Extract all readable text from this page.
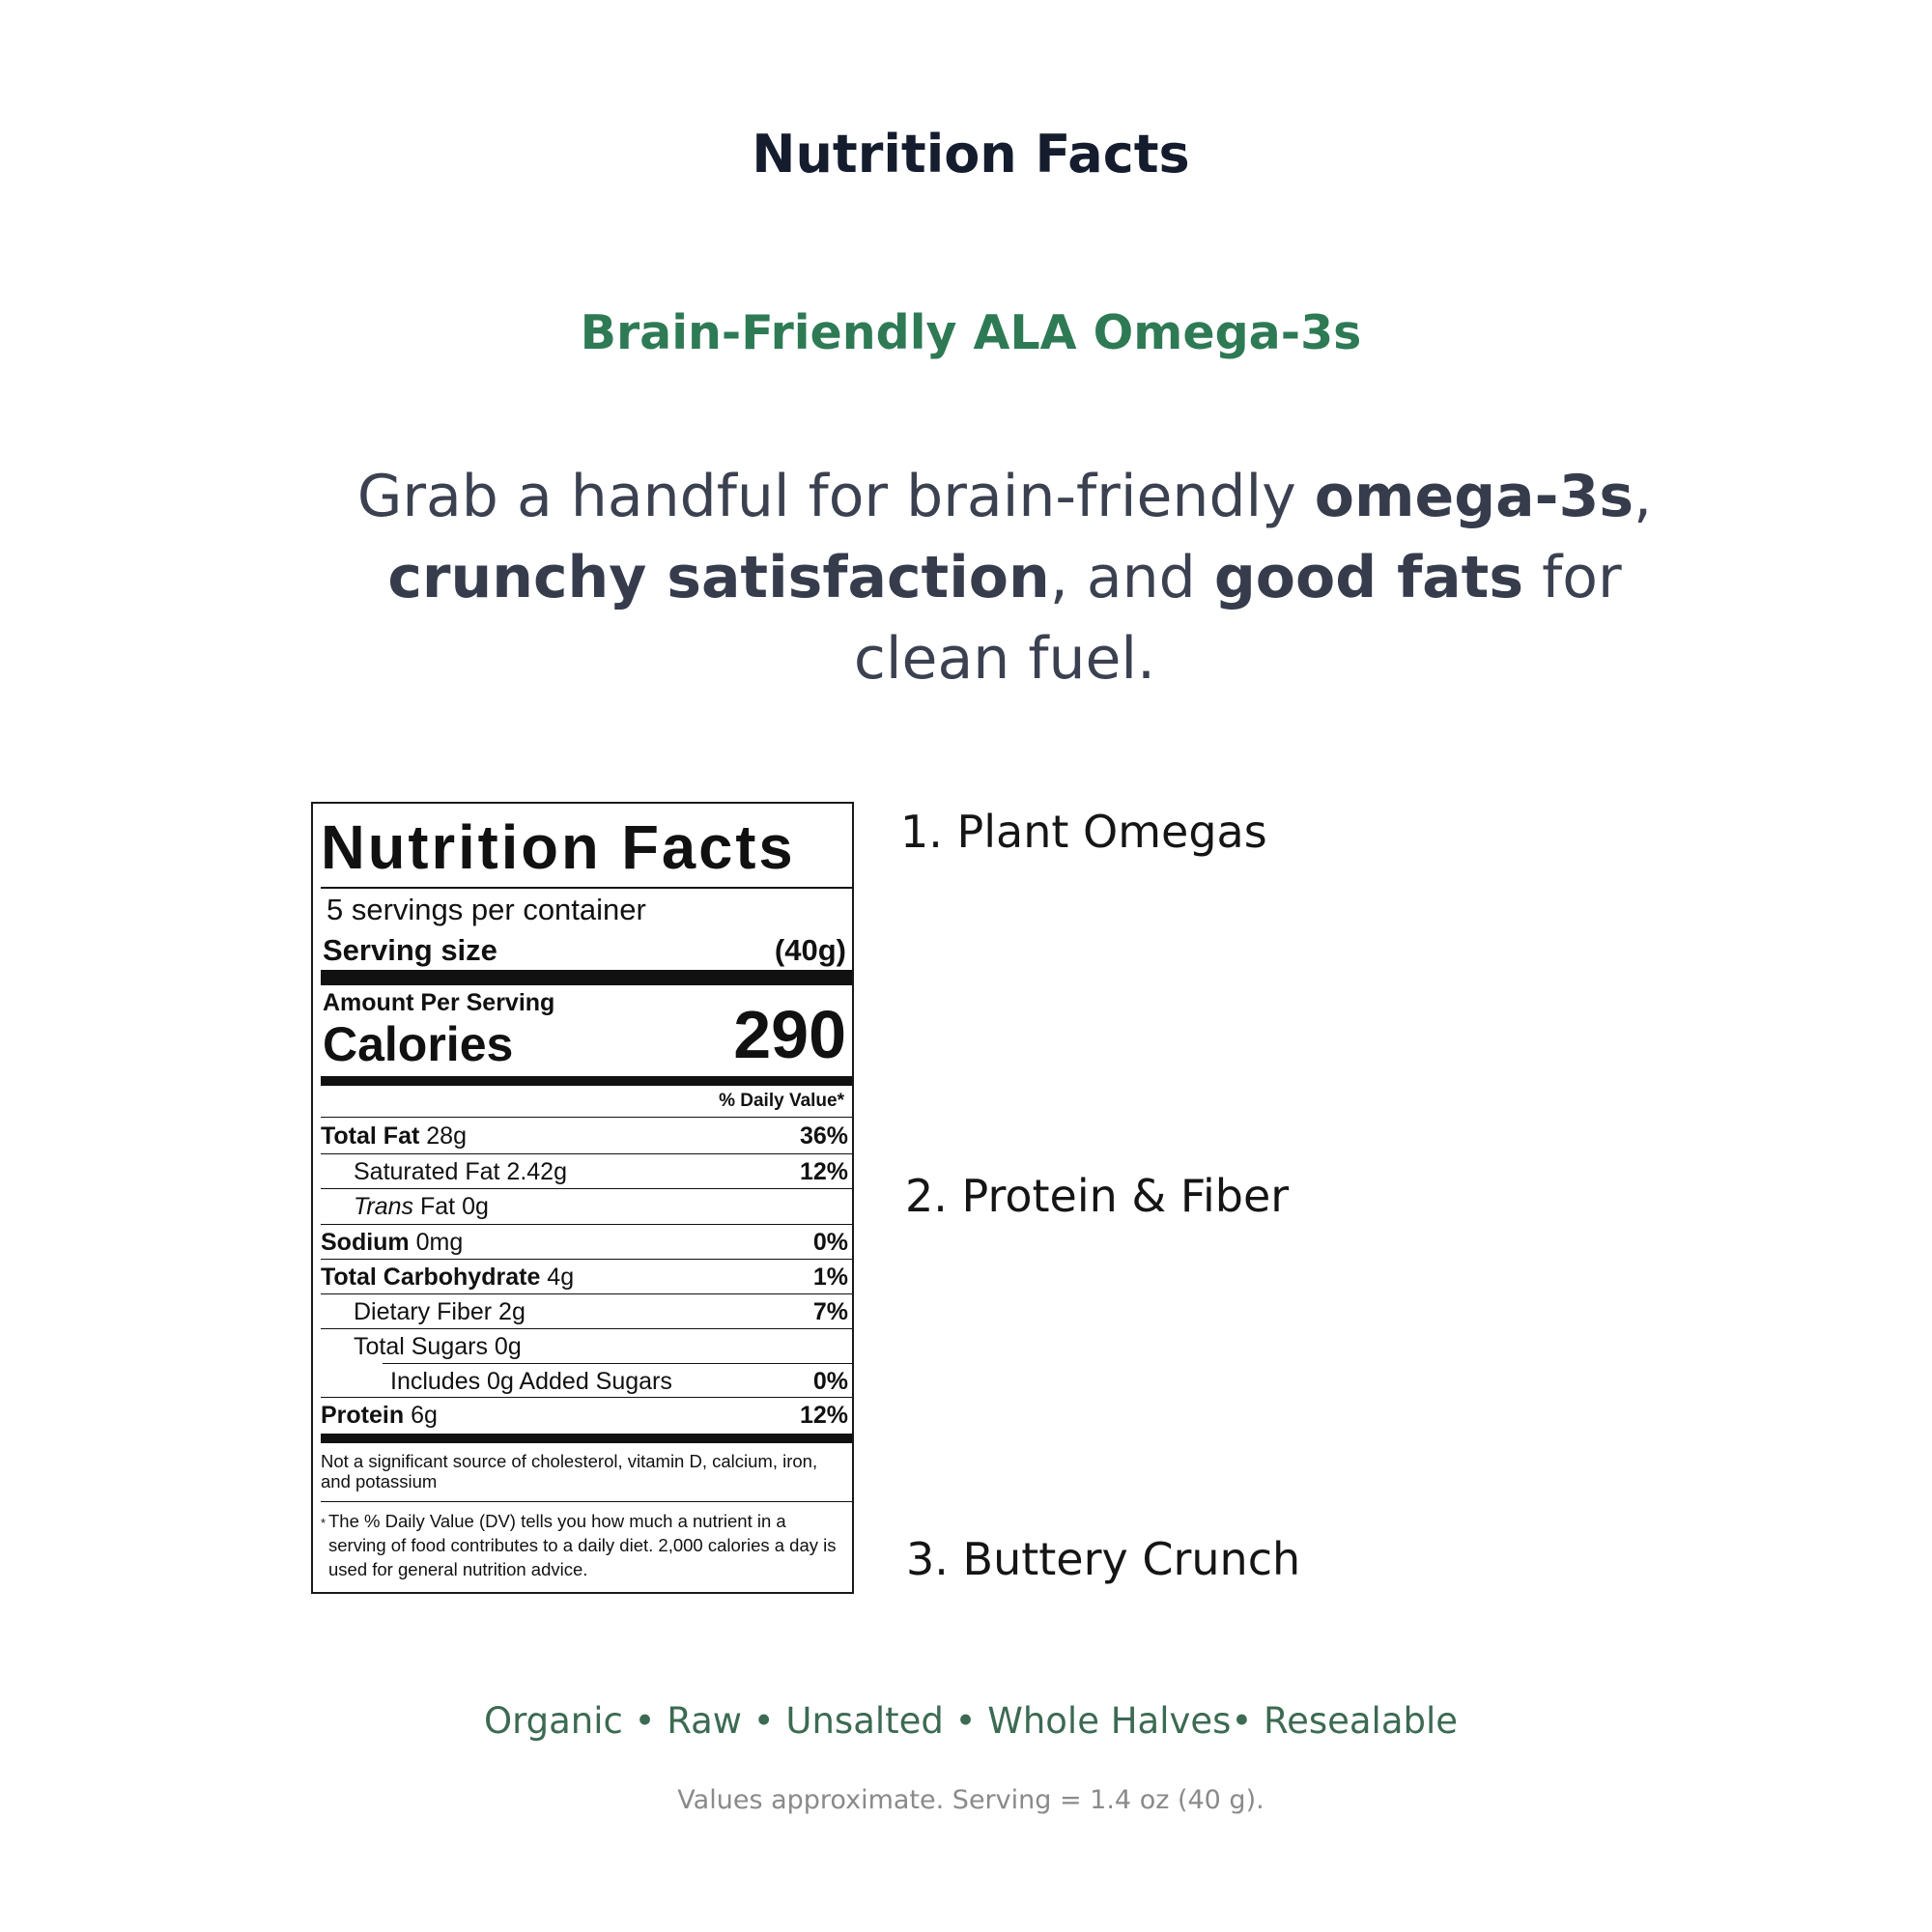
Nutrition Facts
Brain-Friendly ALA Omega-3s
Grab a handful for brain-friendly omega-3s,
crunchy satisfaction, and good fats for
clean fuel.
Nutrition Facts
5 servings per container
Serving size	(40g)
Amount Per Serving
Calories	290
% Daily Value*
Total Fat 28g	36%
Saturated Fat 2.42g	12%
Trans Fat 0g
Sodium 0mg	0%
Total Carbohydrate 4g	1%
Dietary Fiber 2g	7%
Total Sugars 0g
Includes 0g Added Sugars	0%
Protein 6g	12%
Not a significant source of cholesterol, vitamin D, calcium, iron, and potassium
* The % Daily Value (DV) tells you how much a nutrient in a serving of food contributes to a daily diet. 2,000 calories a day is used for general nutrition advice.
1. Plant Omegas
2. Protein & Fiber
3. Buttery Crunch
Organic • Raw • Unsalted • Whole Halves• Resealable
Values approximate. Serving = 1.4 oz (40 g).
